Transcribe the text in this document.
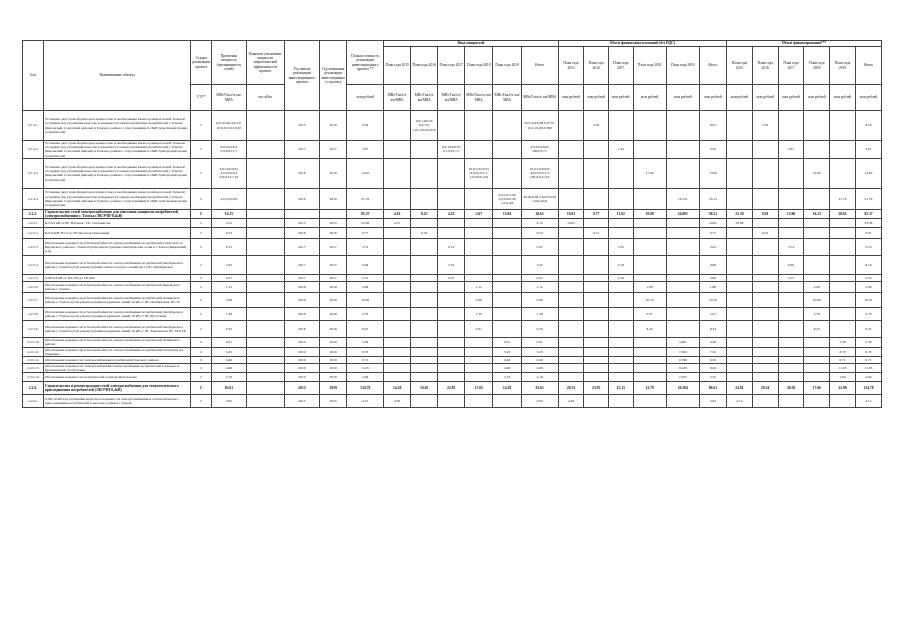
№№	Наименование объекта	Стадия реализации проекта	Проектная мощность (протяженность сетей)	Плановое увеличение мощности энергетической эффективности проекта	Год начала реализации инвестиционного проекта	Год окончания реализации инвестиционного проекта	Полная стоимость реализации инвестиционного проекта **	Ввод мощностей						Объем финансовых вложений (без НДС)						Объем финансирования***					
								План года 2015	План года 2016	План года 2017	План года 2018	План года 2019	Итого	План года 2015	План года 2016	План года 2017	План года 2018	План года 2019	Итого	План года 2015	План года 2016	План года 2017	План года 2018	План года 2019	Итого
		СТУ*	МВт/Гкал/ч/ км/МВА	тыс.кВтч			млн рублей	МВт/Гкал/ч/ км/МВА	МВт/Гкал/ч/ км/МВА	МВт/Гкал/ч/ км/МВА	МВт/Гкал/ч/ км/МВА	МВт/Гкал/ч/ км/МВА	МВт/Гкал/ч/ км/МВА	млн рублей	млн рублей	млн рублей	млн рублей	млн рублей	млн рублей	млн рублей	млн рублей	млн рублей	млн рублей	млн рублей	млн рублей
2.1.4.1	Установка двух трансформаторов мощностью и необходимых ячеек в районах новой Тальной застройки под улучшения качества и надежности электроснабжения потребителей г. Томска (Кировский, Советский районы) и Томского района с подстанциями 6-10кВ трансформаторами потребителей	С	6.0;10.0/0,4;0.721 10;0,45;0,61;0,65		2015	2018	9.48		0,6;1,9;0,45 0,2;721 1,0;1,05/0,9 650				6,0;10,0/0,68 0,2;721 10,1;10,0/0,9 890		5.05				8.01		5.45				9.18
2.1.4.2	Установка двух трансформаторов мощностью и необходимых ячеек в районах новой Тальной застройки под улучшения качества и надежности электроснабжения потребителей г. Томска (Кировский, Советский районы) и Томского района с подстанциями 6-10кВ трансформаторами потребителей	С	6.0;10.0/0,4 0,9;0,61;7,7		2017	2017	3.67			6,0;10,0/0,65 0,1;0,61;7,7			6,0;10,0/0,65 100,0;0,77			1.42			3.42			3.67			3.67
2.1.4.3	Установка двух трансформаторов мощностью и необходимых ячеек в районах новой Тальной застройки под улучшения качества и надежности электроснабжения потребителей г. Томска (Кировский, Советский районы) и Томского района с подстанциями 6-10кВ трансформаторами потребителей	С	6,0;10,0/0,61 4,0;10,0/0,4 0,9;0,61;7,16		2018	2018	14.95				10,0;1,05/0,25 0,05;0,9;1,3 1,0;0,9/0,216		10,0;1,0/0,925 40,0;10,0;1,3 100,0;0,2;116				17.04		13.04				14.95		14.95
2.1.4.4	Установка двух трансформаторов мощностью и необходимых ячеек в районах новой Тальной застройки под улучшения качества и надежности электроснабжения потребителей г. Томска (Кировский, Советский районы) и Томского района с подстанциями 6-10кВ трансформаторами потребителей	С	4,0;10,0/0,9		2019	2019	21.79					0,2;2,9/1,06 2,0;0,9/0,58 1,0;0,4/8	20,20;0,68 2,0;0,9/0,58 1,0;0,4/4,8					18.151	18.15					21.79	21.79
2.2.5.	Строительство сетей электроснабжения для отнесения мощности потребителей (электроснабжения) г. Томска (ЭВ/ЭЧП-0,4кВ)	С	16.25				85.37	4.16	9.23	4.23	3.67	13.04	20.61	19.01	0.77	11.02	19.08	24.091	58.21	23.39	0.91	13.96	16.23	28.61	85.37
2.2.5.1	КЛ-0,4 кВ от ПС Научная - ПС Светлый, км	С	4.15		2015	2015	23.38	4.15					4.15	19.81					19.81	23.38					23.38
2.2.5.2	КЛ-0,4кВ ТП-5 до ТП-Поселок (Заречный)	С	0.23		2016	2016	0.77		0.23				0.23		0.17				0.77		0.91				0.91
2.2.5.3	Обеспечение надежности и бесперебойности электроснабжения потребителей Советского и Кировского района г. Томска путем реконструкции электрических сетей в г. Томск (Кировский р-н)	С	0.31		2017	2017	3.74			0.31			0.31			3.35			3.02			3.74			3.74
2.2.5.4	Обеспечение надежности и бесперебойности электроснабжения потребителей Октябрьского района г. Томска путем реконструкции электросетевого хозяйства от ПС Октябрьская	С	3.45		2017	2017	9.66			3.45			3.45			9.18			9.66			9.66			9.16
2.2.5.5	ЛЭП 0,4 кВ от ТП-578 до ТП-604	С	0.47		2017	2017	2.55			0.47			0.47			2.16			3.06			2.55			2.55
2.2.5.6	Обеспечение надежности и бесперебойности электроснабжения потребителей Кировского района г. Томска	С	1.12		2018	2018	2.08				1.12		1.12				1.08		1.88				2.08		2.08
2.2.5.7	Обеспечение надежности и бесперебойности электроснабжения потребителей Ленинского района г. Томска путем реконструкции воздушных линий 10 кВ от ПС Октябрьская, ПС 35	С	2.96		2018	2018	10.30				2.96		2.96				10.16		10.16				10.99		10.91
2.2.5.8	Обеспечение надежности и бесперебойности электроснабжения потребителей Октябрьского района г. Томска путем реконструкции воздушных линий 10 кВ от ПС Восточная	С	1.39		2018	2018	2.78				1.39		1.39				2.37		2.07				2.78		2.78
2.2.5.9	Обеспечение надежности и бесперебойности электроснабжения потребителей Октябрьского района г. Томска путем реконструкции воздушных линий 10 кВ от ПС Заречная на ПС 35/6 ТР	С	0.32		2018	2018	8.67				0.31		0.32				8.43		8.43				8.47		8.47
2.2.5.10	Обеспечение надежности и бесперебойности электроснабжения потребителей Ленинского района	С	0.41		2019	2019	5.39					0.41	0.41					4.481	4.49					5.39	5.39
2.2.5.11	Обеспечение надежности и бесперебойности электроснабжения потребителей в Рабочем и в Радищево	С	5.25		2019	2019	8.70					5.25	5.25					7.345	7.32					8.70	8.70
2.2.5.12	Обеспечение надежности электроснабжения потребителей Томского района	С	0.40		2019	2019	0.71					0.40	0.40					0.590	0.59					0.71	0.71
2.2.5.13	Обеспечение надежности электроснабжения электроснабжения потребителей в Академ. и Кузнецовской, Д. Петровка	С	4.68		2019	2019	11.05					4.68	4.68					9.220	9.24					11.05	11.05
2.2.5.14	Обеспечение надежности потребителей в районе Причальная	С	2.19		2019	2019	2.94					2.19	2.19					2.455	2.45					2.94	2.94
2.2.6.	Строительство и реконструкция сетей электроснабжения для технологического присоединения потребителей (ЭВ/ЭЧП-0,4кВ)	С	83.61		2015	2019	134.78	14.28	16.05	22.85	17.02	14.28	83.61	20.35	23.93	15.13	13.79	20.304	80.61	24.01	28.24	28.59	17.66	23.96	134.78
2.2.6.1	ЛЭП-10 кВ для улучшения качества и надежности электроснабжения и технологического присоединения потребителей Советского района г. Томска	С	3.05		2015	2015	4.15	3.05					3.05	4.49					4.63	4.15					4.15
